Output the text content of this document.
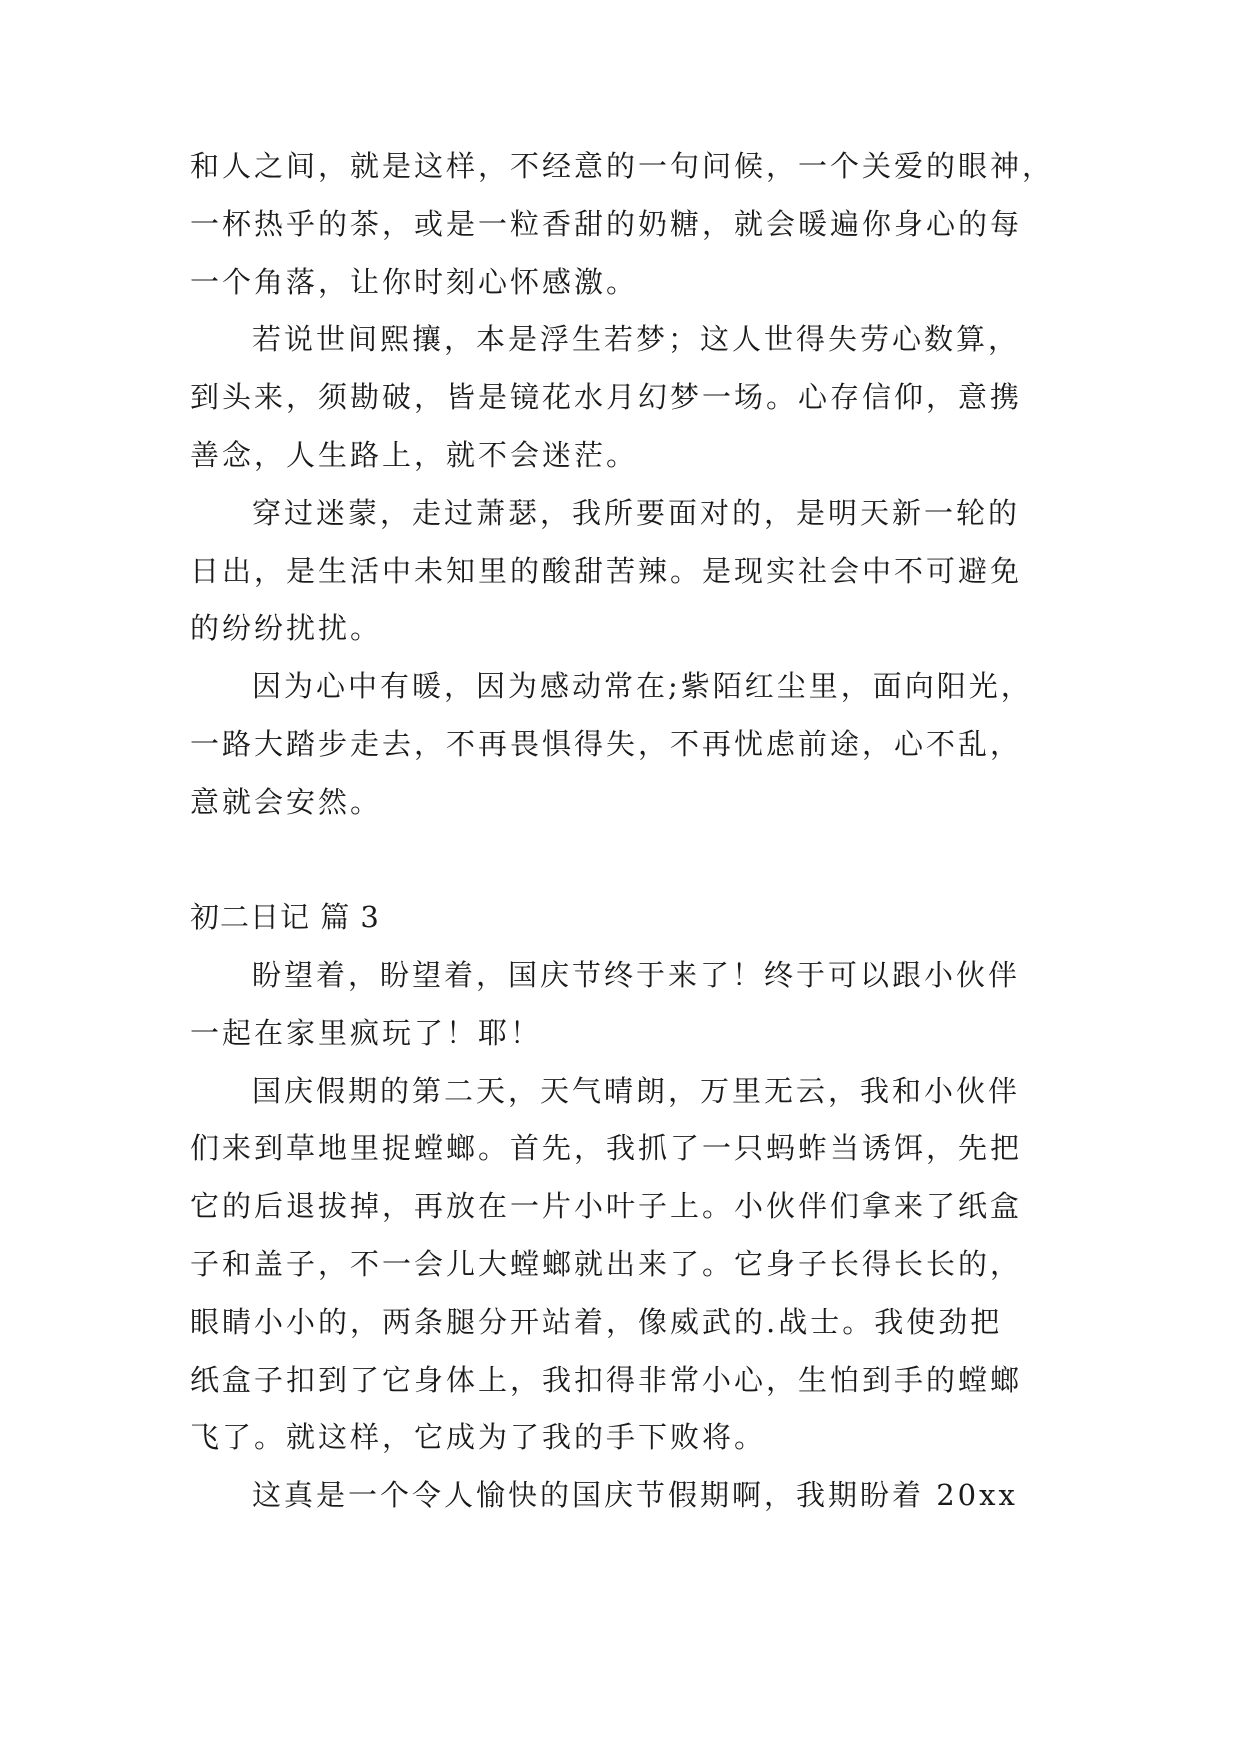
和人之间，就是这样，不经意的一句问候，一个关爱的眼神，
一杯热乎的茶，或是一粒香甜的奶糖，就会暖遍你身心的每
一个角落，让你时刻心怀感激。
若说世间熙攘，本是浮生若梦；这人世得失劳心数算，
到头来，须勘破，皆是镜花水月幻梦一场。心存信仰，意携
善念，人生路上，就不会迷茫。
穿过迷蒙，走过萧瑟，我所要面对的，是明天新一轮的
日出，是生活中未知里的酸甜苦辣。是现实社会中不可避免
的纷纷扰扰。
因为心中有暖，因为感动常在;紫陌红尘里，面向阳光，
一路大踏步走去，不再畏惧得失，不再忧虑前途，心不乱，
意就会安然。
初二日记 篇 3
盼望着，盼望着，国庆节终于来了！终于可以跟小伙伴
一起在家里疯玩了！耶！
国庆假期的第二天，天气晴朗，万里无云，我和小伙伴
们来到草地里捉螳螂。首先，我抓了一只蚂蚱当诱饵，先把
它的后退拔掉，再放在一片小叶子上。小伙伴们拿来了纸盒
子和盖子，不一会儿大螳螂就出来了。它身子长得长长的，
眼睛小小的，两条腿分开站着，像威武的.战士。我使劲把
纸盒子扣到了它身体上，我扣得非常小心，生怕到手的螳螂
飞了。就这样，它成为了我的手下败将。
这真是一个令人愉快的国庆节假期啊，我期盼着 20xx
